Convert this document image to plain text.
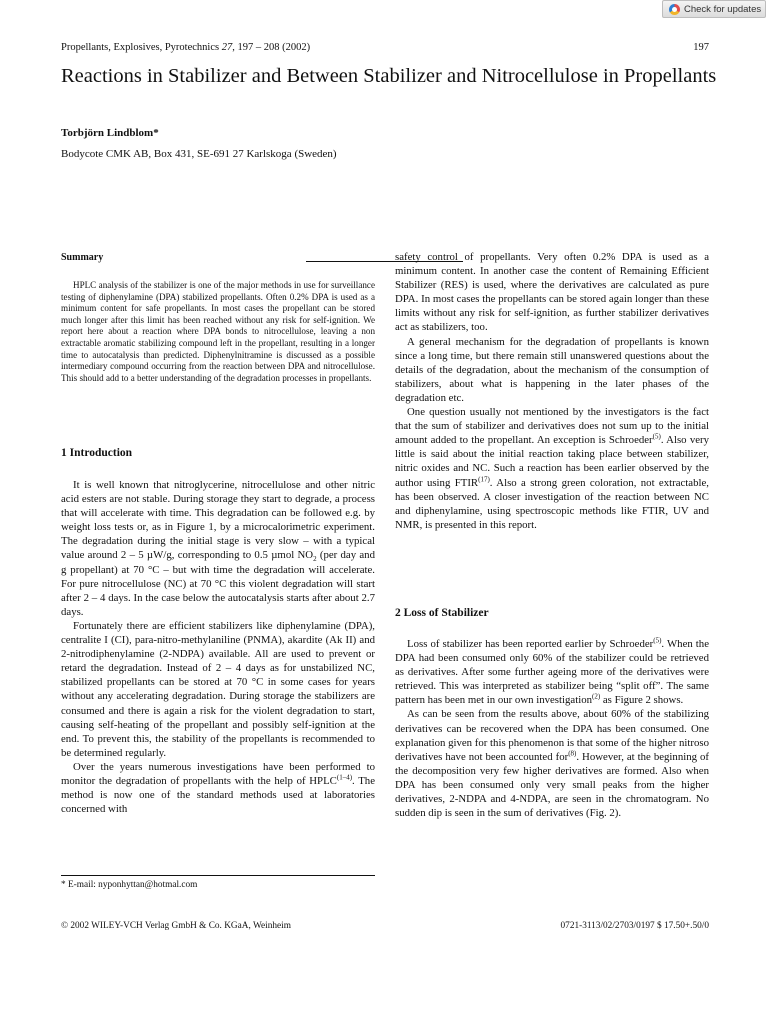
Check for updates
Propellants, Explosives, Pyrotechnics 27, 197 – 208 (2002)	197
Reactions in Stabilizer and Between Stabilizer and Nitrocellulose in Propellants
Torbjörn Lindblom*
Bodycote CMK AB, Box 431, SE-691 27 Karlskoga (Sweden)
Summary

HPLC analysis of the stabilizer is one of the major methods in use for surveillance testing of diphenylamine (DPA) stabilized propellants. Often 0.2% DPA is used as a minimum content for safe propellants. In most cases the propellant can be stored much longer after this limit has been reached without any risk for self-ignition. We report here about a reaction where DPA bonds to nitrocellulose, leaving a non extractable aromatic stabilizing compound left in the propellant, resulting in a longer time to autocatalysis than predicted. Diphenylnitramine is discussed as a possible intermediary compound occurring from the reaction between DPA and nitrocellulose. This should add to a better understanding of the degradation processes in propellants.

1 Introduction

It is well known that nitroglycerine, nitrocellulose and other nitric acid esters are not stable. During storage they start to degrade, a process that will accelerate with time. This degradation can be followed e.g. by weight loss tests or, as in Figure 1, by a microcalorimetric experiment. The degradation during the initial stage is very slow – with a typical value around 2 – 5 µW/g, corresponding to 0.5 µmol $NO_2$ (per day and g propellant) at 70 °C – but with time the degradation will accelerate. For pure nitrocellulose (NC) at 70 °C this violent degradation will start after 2 – 4 days. In the case below the autocatalysis starts after about 2.7 days.

Fortunately there are efficient stabilizers like diphenylamine (DPA), centralite I (CI), para-nitro-methylaniline (PNMA), akardite (Ak II) and 2-nitrodiphenylamine (2-NDPA) available. All are used to prevent or retard the degradation. Instead of 2 – 4 days as for unstabilized NC, stabilized propellants can be stored at 70 °C in some cases for years without any accelerating degradation. During storage the stabilizers are consumed and there is again a risk for the violent degradation to start, causing self-heating of the propellant and possibly self-ignition at the end. To prevent this, the stability of the propellants is recommended to be determined regularly.

Over the years numerous investigations have been performed to monitor the degradation of propellants with the help of HPLC$^{(1-4)}$. The method is now one of the standard methods used at laboratories concerned with

* E-mail: nyponhyttan@hotmal.com

safety control of propellants. Very often 0.2% DPA is used as a minimum content. In another case the content of Remaining Efficient Stabilizer (RES) is used, where the derivatives are calculated as pure DPA. In most cases the propellants can be stored again longer than these limits without any risk for self-ignition, as further stabilizer derivatives act as stabilizers, too.

A general mechanism for the degradation of propellants is known since a long time, but there remain still unanswered questions about the details of the degradation, about the mechanism of the consumption of stabilizers, about what is happening in the later phases of the degradation etc.

One question usually not mentioned by the investigators is the fact that the sum of stabilizer and derivatives does not sum up to the initial amount added to the propellant. An exception is Schroeder$^{(5)}$. Also very little is said about the initial reaction taking place between stabilizer, nitric oxides and NC. Such a reaction has been earlier observed by the author using FTIR$^{(17)}$. Also a strong green coloration, not extractable, has been observed. A closer investigation of the reaction between NC and diphenylamine, using spectroscopic methods like FTIR, UV and NMR, is presented in this report.

2 Loss of Stabilizer

Loss of stabilizer has been reported earlier by Schroeder$^{(5)}$. When the DPA had been consumed only 60% of the stabilizer could be retrieved as derivatives. After some further ageing more of the derivatives were retrieved. This was interpreted as stabilizer being “split off”. The same pattern has been met in our own investigation$^{(2)}$ as Figure 2 shows.

As can be seen from the results above, about 60% of the stabilizing derivatives can be recovered when the DPA has been consumed. One explanation given for this phenomenon is that some of the higher nitroso derivatives have not been accounted for$^{(8)}$. However, at the beginning of the decomposition very few higher derivatives are formed. Also when DPA has been consumed only very small peaks from the higher derivatives, 2-NDPA and 4-NDPA, are seen in the chromatogram. No sudden dip is seen in the sum of derivatives (Fig. 2).

© 2002 WILEY-VCH Verlag GmbH & Co. KGaA, Weinheim	0721-3113/02/2703/0197 $ 17.50+.50/0
